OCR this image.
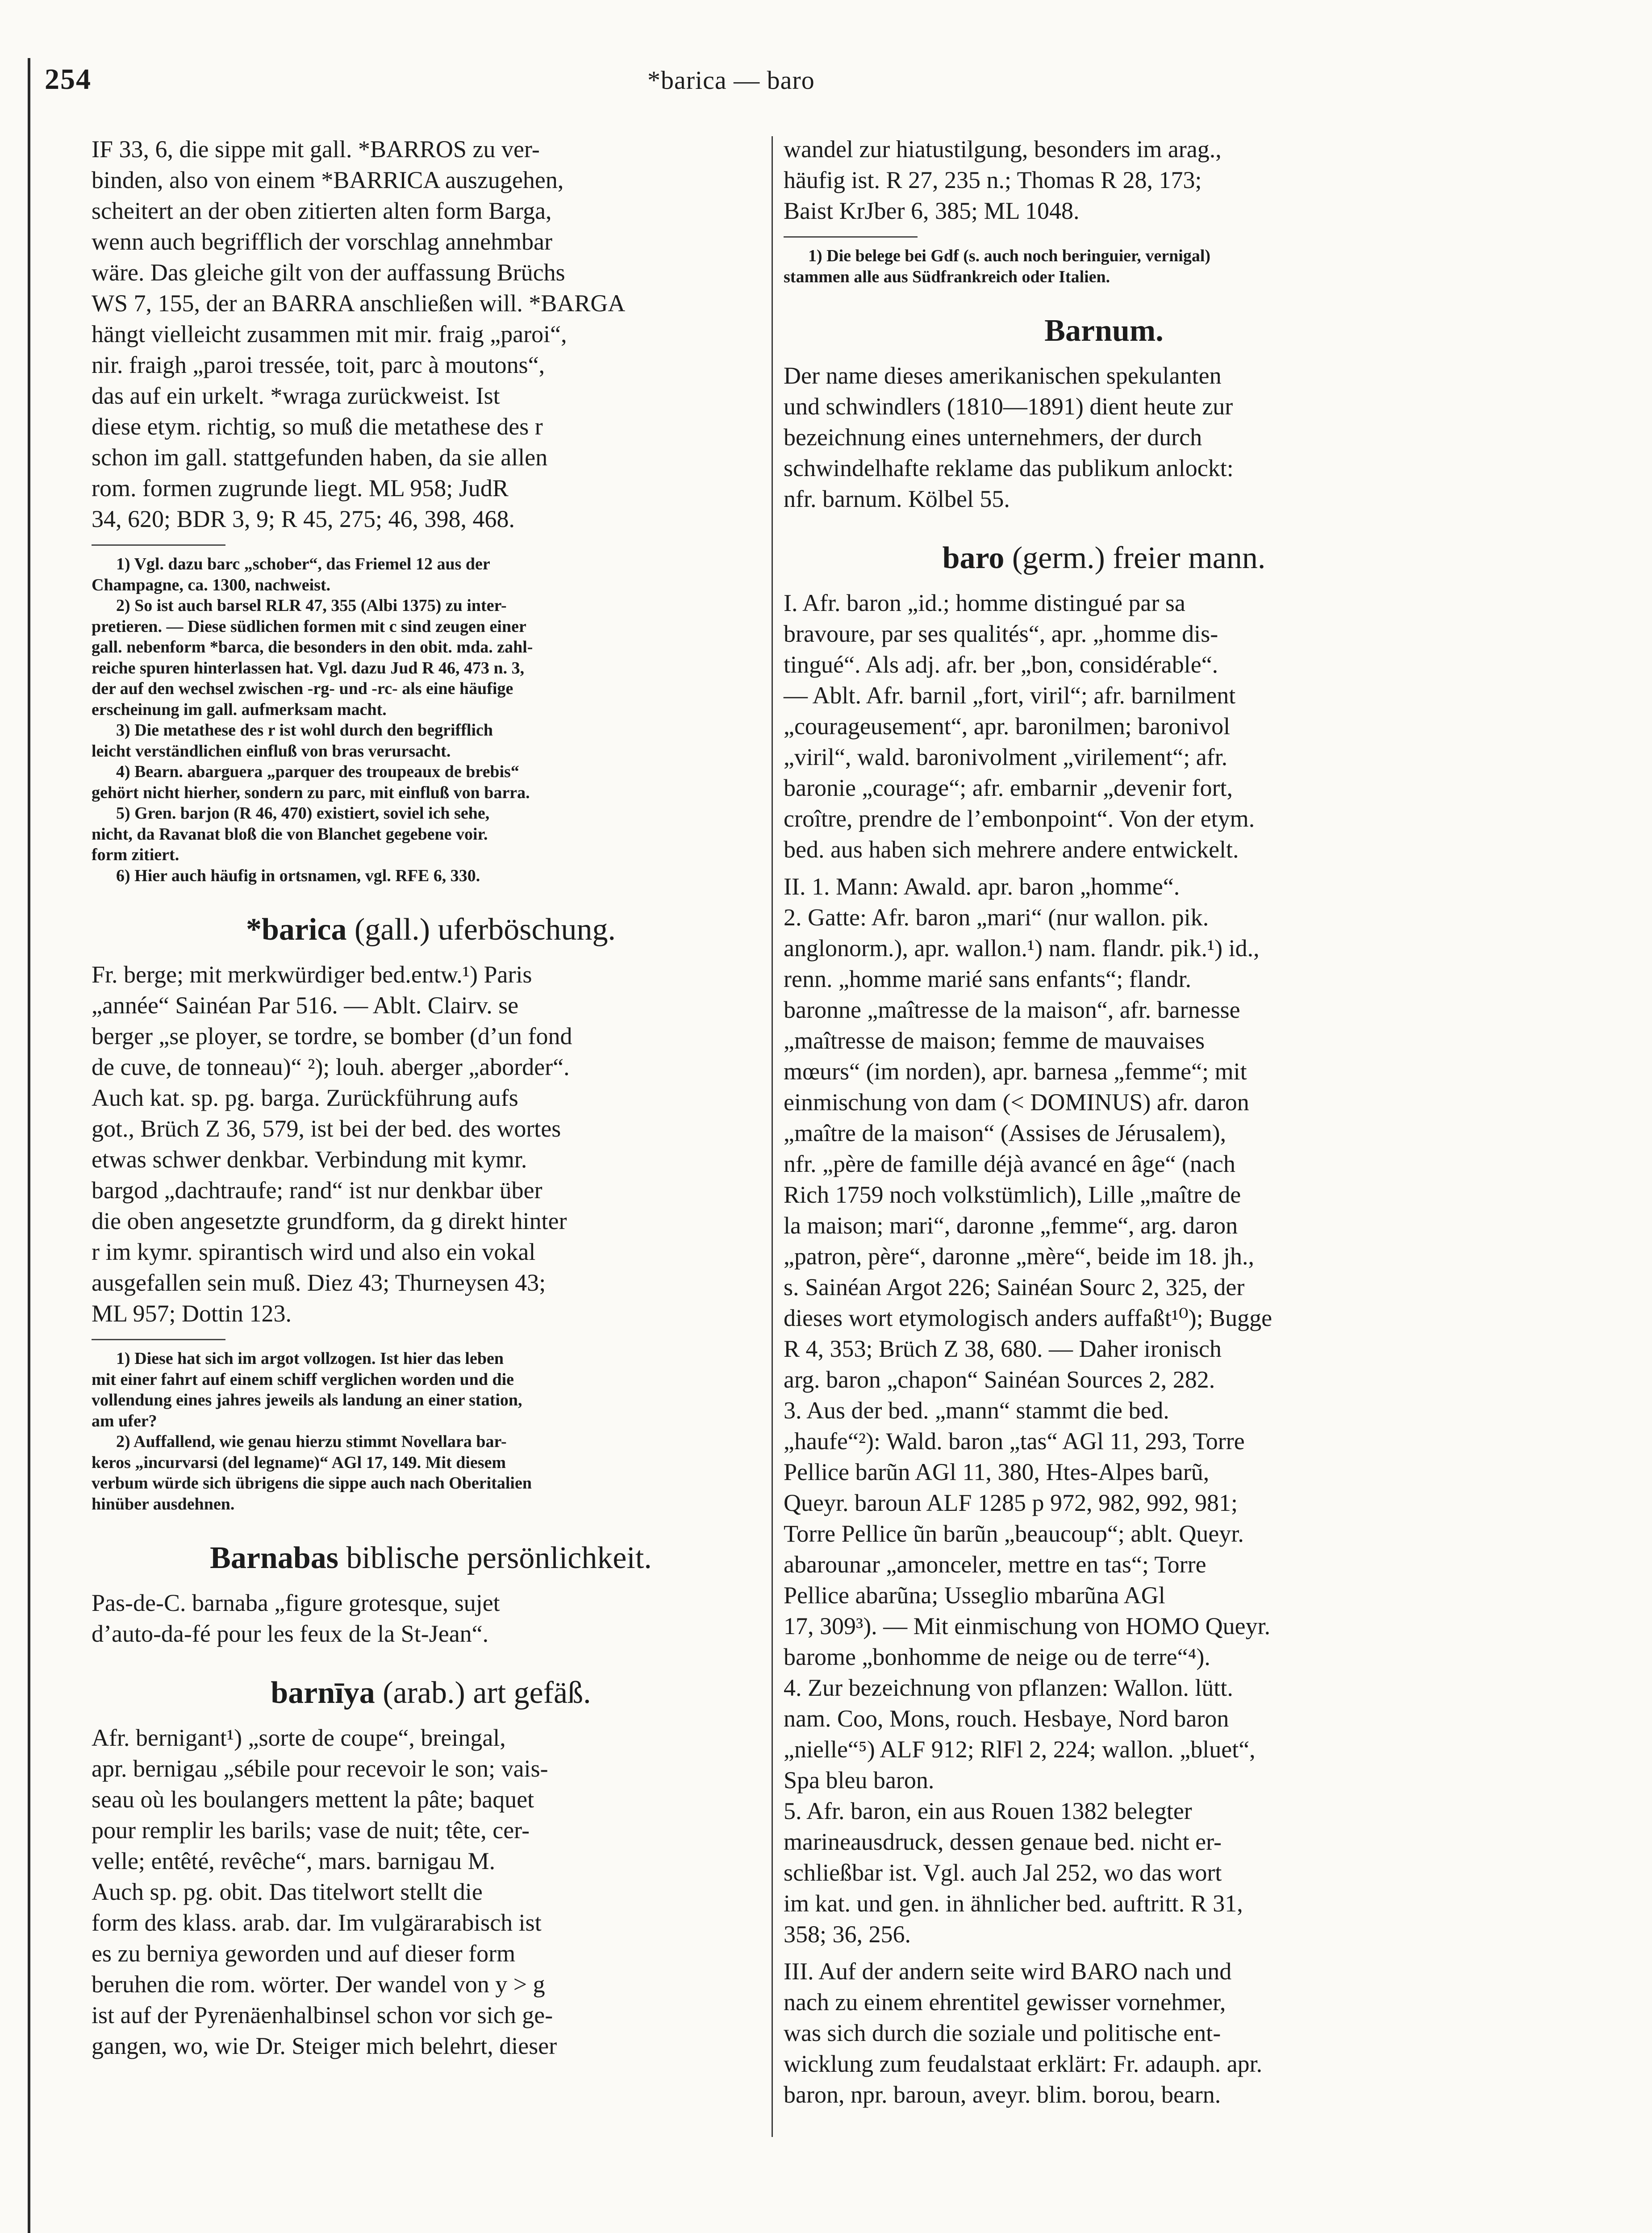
254	*barica — baro

IF 33, 6, die sippe mit gall. *BARROS zu ver-

binden, also von einem *BARRICA auszugehen,

scheitert an der oben zitierten alten form Barga,

wenn auch begrifflich der vorschlag annehmbar

wäre. Das gleiche gilt von der auffassung Brüchs

WS 7, 155, der an BARRA anschließen will. *BARGA

hängt vielleicht zusammen mit mir. fraig „paroi“,

nir. fraigh „paroi tressée, toit, parc à moutons“,

das auf ein urkelt. *wraga zurückweist. Ist

diese etym. richtig, so muß die metathese des r

schon im gall. stattgefunden haben, da sie allen

rom. formen zugrunde liegt. ML 958; JudR

34, 620; BDR 3, 9; R 45, 275; 46, 398, 468.

1) Vgl. dazu barc „schober“, das Friemel 12 aus der

Champagne, ca. 1300, nachweist.

2) So ist auch barsel RLR 47, 355 (Albi 1375) zu inter-

pretieren. — Diese südlichen formen mit c sind zeugen einer

gall. nebenform *barca, die besonders in den obit. mda. zahl-

reiche spuren hinterlassen hat. Vgl. dazu Jud R 46, 473 n. 3,

der auf den wechsel zwischen -rg- und -rc- als eine häufige

erscheinung im gall. aufmerksam macht.

3) Die metathese des r ist wohl durch den begrifflich

leicht verständlichen einfluß von bras verursacht.

4) Bearn. abarguera „parquer des troupeaux de brebis“

gehört nicht hierher, sondern zu parc, mit einfluß von barra.

5) Gren. barjon (R 46, 470) existiert, soviel ich sehe,

nicht, da Ravanat bloß die von Blanchet gegebene voir.

form zitiert.

6) Hier auch häufig in ortsnamen, vgl. RFE 6, 330.

*barica (gall.) uferböschung.

Fr. berge; mit merkwürdiger bed.entw.¹) Paris

„année“ Sainéan Par 516. — Ablt. Clairv. se

berger „se ployer, se tordre, se bomber (d’un fond

de cuve, de tonneau)“ ²); louh. aberger „aborder“.

Auch kat. sp. pg. barga. Zurückführung aufs

got., Brüch Z 36, 579, ist bei der bed. des wortes

etwas schwer denkbar. Verbindung mit kymr.

bargod „dachtraufe; rand“ ist nur denkbar über

die oben angesetzte grundform, da g direkt hinter

r im kymr. spirantisch wird und also ein vokal

ausgefallen sein muß. Diez 43; Thurneysen 43;

ML 957; Dottin 123.

1) Diese hat sich im argot vollzogen. Ist hier das leben

mit einer fahrt auf einem schiff verglichen worden und die

vollendung eines jahres jeweils als landung an einer station,

am ufer?

2) Auffallend, wie genau hierzu stimmt Novellara bar-

keros „incurvarsi (del legname)“ AGl 17, 149. Mit diesem

verbum würde sich übrigens die sippe auch nach Oberitalien

hinüber ausdehnen.

Barnabas biblische persönlichkeit.

Pas-de-C. barnaba „figure grotesque, sujet

d’auto-da-fé pour les feux de la St-Jean“.

barnīya (arab.) art gefäß.

Afr. bernigant¹) „sorte de coupe“, breingal,

apr. bernigau „sébile pour recevoir le son; vais-

seau où les boulangers mettent la pâte; baquet

pour remplir les barils; vase de nuit; tête, cer-

velle; entêté, revêche“, mars. barnigau M.

Auch sp. pg. obit. Das titelwort stellt die

form des klass. arab. dar. Im vulgärarabisch ist

es zu berniya geworden und auf dieser form

beruhen die rom. wörter. Der wandel von y > g

ist auf der Pyrenäenhalbinsel schon vor sich ge-

gangen, wo, wie Dr. Steiger mich belehrt, dieser

wandel zur hiatustilgung, besonders im arag.,

häufig ist. R 27, 235 n.; Thomas R 28, 173;

Baist KrJber 6, 385; ML 1048.

1) Die belege bei Gdf (s. auch noch beringuier, vernigal)

stammen alle aus Südfrankreich oder Italien.

Barnum.

Der name dieses amerikanischen spekulanten

und schwindlers (1810—1891) dient heute zur

bezeichnung eines unternehmers, der durch

schwindelhafte reklame das publikum anlockt:

nfr. barnum. Kölbel 55.

baro (germ.) freier mann.

I. Afr. baron „id.; homme distingué par sa

bravoure, par ses qualités“, apr. „homme dis-

tingué“. Als adj. afr. ber „bon, considérable“.

— Ablt. Afr. barnil „fort, viril“; afr. barnilment

„courageusement“, apr. baronilmen; baronivol

„viril“, wald. baronivolment „virilement“; afr.

baronie „courage“; afr. embarnir „devenir fort,

croître, prendre de l’embonpoint“. Von der etym.

bed. aus haben sich mehrere andere entwickelt.

II. 1. Mann: Awald. apr. baron „homme“.

2. Gatte: Afr. baron „mari“ (nur wallon. pik.

anglonorm.), apr. wallon.¹) nam. flandr. pik.¹) id.,

renn. „homme marié sans enfants“; flandr.

baronne „maîtresse de la maison“, afr. barnesse

„maîtresse de maison; femme de mauvaises

mœurs“ (im norden), apr. barnesa „femme“; mit

einmischung von dam (< DOMINUS) afr. daron

„maître de la maison“ (Assises de Jérusalem),

nfr. „père de famille déjà avancé en âge“ (nach

Rich 1759 noch volkstümlich), Lille „maître de

la maison; mari“, daronne „femme“, arg. daron

„patron, père“, daronne „mère“, beide im 18. jh.,

s. Sainéan Argot 226; Sainéan Sourc 2, 325, der

dieses wort etymologisch anders auffaßt¹⁰); Bugge

R 4, 353; Brüch Z 38, 680. — Daher ironisch

arg. baron „chapon“ Sainéan Sources 2, 282.

3. Aus der bed. „mann“ stammt die bed.

„haufe“²): Wald. baron „tas“ AGl 11, 293, Torre

Pellice barũn AGl 11, 380, Htes-Alpes barũ,

Queyr. baroun ALF 1285 p 972, 982, 992, 981;

Torre Pellice ũn barũn „beaucoup“; ablt. Queyr.

abarounar „amonceler, mettre en tas“; Torre

Pellice abarũna; Usseglio mbarũna AGl

17, 309³). — Mit einmischung von HOMO Queyr.

barome „bonhomme de neige ou de terre“⁴).

4. Zur bezeichnung von pflanzen: Wallon. lütt.

nam. Coo, Mons, rouch. Hesbaye, Nord baron

„nielle“⁵) ALF 912; RlFl 2, 224; wallon. „bluet“,

Spa bleu baron.

5. Afr. baron, ein aus Rouen 1382 belegter

marineausdruck, dessen genaue bed. nicht er-

schließbar ist. Vgl. auch Jal 252, wo das wort

im kat. und gen. in ähnlicher bed. auftritt. R 31,

358; 36, 256.

III. Auf der andern seite wird BARO nach und

nach zu einem ehrentitel gewisser vornehmer,

was sich durch die soziale und politische ent-

wicklung zum feudalstaat erklärt: Fr. adauph. apr.

baron, npr. baroun, aveyr. blim. borou, bearn.
